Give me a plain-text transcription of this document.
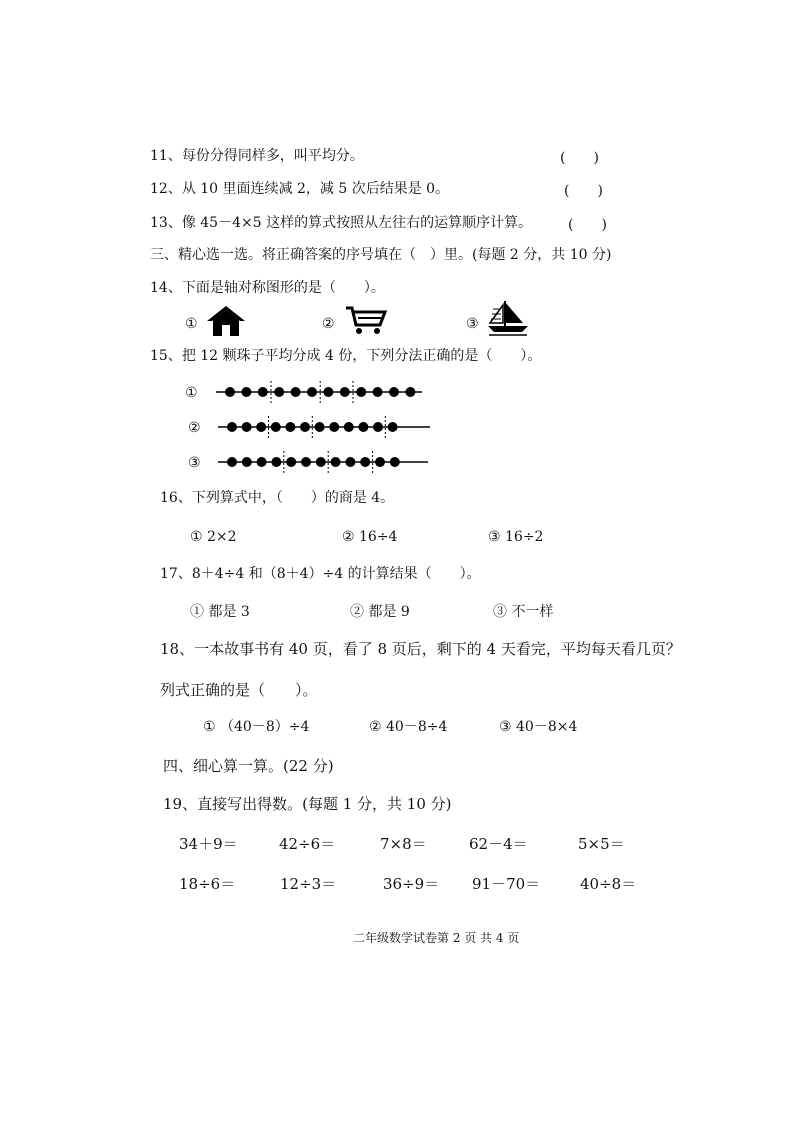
11、每份分得同样多，叫平均分。	(　　)
12、从 10 里面连续减 2，减 5 次后结果是 0。	(　　)
13、像 45－4×5 这样的算式按照从左往右的运算顺序计算。	(　　)
三、精心选一选。将正确答案的序号填在（　）里。(每题 2 分，共 10 分)
14、下面是轴对称图形的是（　　）。
①	②	③
15、把 12 颗珠子平均分成 4 份，下列分法正确的是（　　）。
①
②
③
16、下列算式中，（　　）的商是 4。
① 2×2	② 16÷4	③ 16÷2
17、8＋4÷4 和（8＋4）÷4 的计算结果（　　）。
① 都是 3	② 都是 9	③ 不一样
18、一本故事书有 40 页，看了 8 页后，剩下的 4 天看完，平均每天看几页？
列式正确的是（　　）。
① （40－8）÷4	② 40－8÷4	③ 40－8×4
四、细心算一算。(22 分)
19、直接写出得数。(每题 1 分，共 10 分)
34＋9＝	42÷6＝	7×8＝	62－4＝	5×5＝
18÷6＝	12÷3＝	36÷9＝ 91－70＝	40÷8＝
二年级数学试卷第 2 页 共 4 页
